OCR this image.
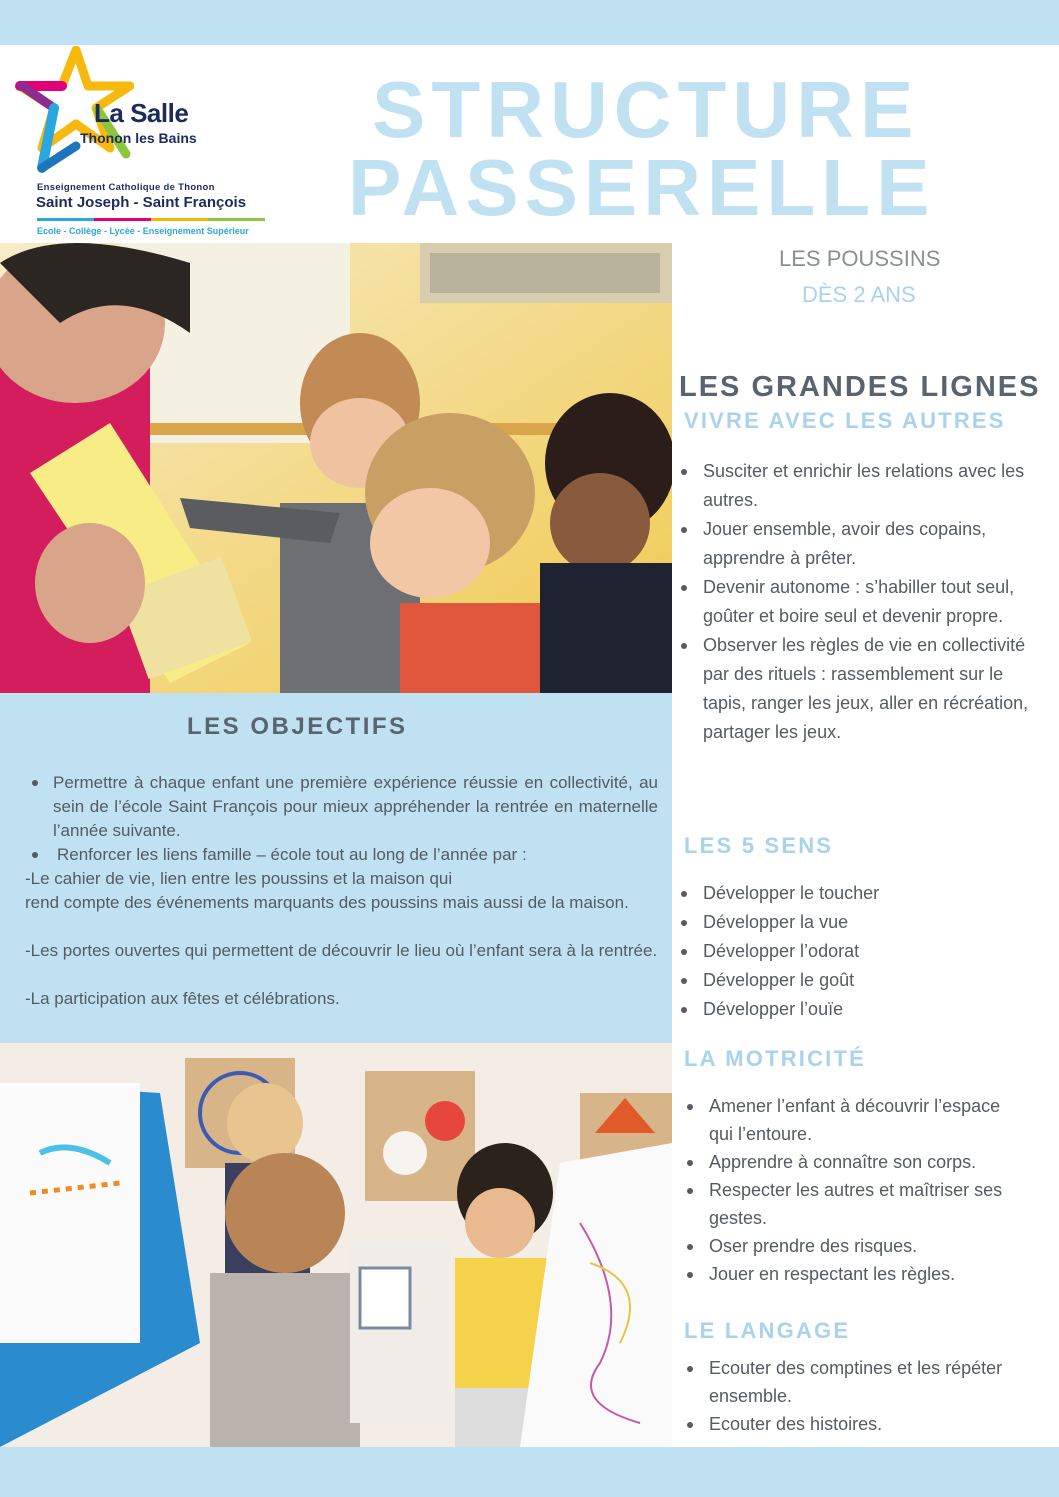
La Salle
Thonon les Bains
Enseignement Catholique de Thonon
Saint Joseph - Saint François
Ecole - Collège - Lycée - Enseignement Supérieur
STRUCTURE
PASSERELLE
LES POUSSINS
DÈS 2 ANS
LES OBJECTIFS
Permettre à chaque enfant une première expérience réussie en collectivité, au sein de l’école Saint François pour mieux appréhender la rentrée en maternelle l’année suivante.
Renforcer les liens famille – école tout au long de l’année par :
-Le cahier de vie, lien entre les poussins et la maison qui
rend compte des événements marquants des poussins mais aussi de la maison.
-Les portes ouvertes qui permettent de découvrir le lieu où l’enfant sera à la rentrée.
-La participation aux fêtes et célébrations.
LES GRANDES LIGNES
VIVRE AVEC LES AUTRES
Susciter et enrichir les relations avec les autres.
Jouer ensemble, avoir des copains, apprendre à prêter.
Devenir autonome : s’habiller tout seul, goûter et boire seul et devenir propre.
Observer les règles de vie en collectivité par des rituels : rassemblement sur le tapis, ranger les jeux, aller en récréation, partager les jeux.
LES 5 SENS
Développer le toucher
Développer la vue
Développer l’odorat
Développer le goût
Développer l’ouïe
LA MOTRICITÉ
Amener l’enfant à découvrir l’espace qui l’entoure.
Apprendre à connaître son corps.
Respecter les autres et maîtriser ses gestes.
Oser prendre des risques.
Jouer en respectant les règles.
LE LANGAGE
Ecouter des comptines et les répéter ensemble.
Ecouter des histoires.
